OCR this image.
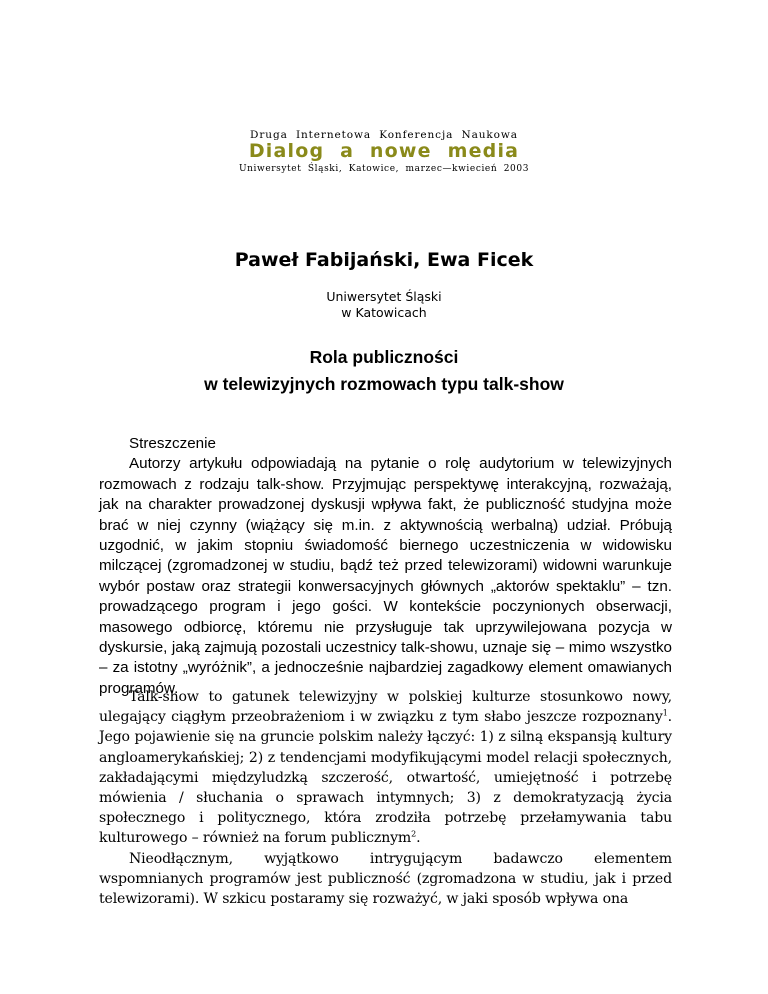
Druga Internetowa Konferencja Naukowa
Dialog a nowe media
Uniwersytet Śląski, Katowice, marzec—kwiecień 2003
Paweł Fabijański, Ewa Ficek
Uniwersytet Śląski
w Katowicach
Rola publiczności
w telewizyjnych rozmowach typu talk-show

Streszczenie

Autorzy artykułu odpowiadają na pytanie o rolę audytorium w telewizyjnych rozmowach z rodzaju talk-show. Przyjmując perspektywę interakcyjną, rozważają, jak na charakter prowadzonej dyskusji wpływa fakt, że publiczność studyjna może brać w niej czynny (wiążący się m.in. z aktywnością werbalną) udział. Próbują uzgodnić, w jakim stopniu świadomość biernego uczestniczenia w widowisku milczącej (zgromadzonej w studiu, bądź też przed telewizorami) widowni warunkuje wybór postaw oraz strategii konwersacyjnych głównych „aktorów spektaklu” – tzn. prowadzącego program i jego gości. W kontekście poczynionych obserwacji, masowego odbiorcę, któremu nie przysługuje tak uprzywilejowana pozycja w dyskursie, jaką zajmują pozostali uczestnicy talk-showu, uznaje się – mimo wszystko – za istotny „wyróżnik”, a jednocześnie najbardziej zagadkowy element omawianych programów.

Talk-show to gatunek telewizyjny w polskiej kulturze stosunkowo nowy, ulegający ciągłym przeobrażeniom i w związku z tym słabo jeszcze rozpoznany$^1$. Jego pojawienie się na gruncie polskim należy łączyć: 1) z silną ekspansją kultury angloamerykańskiej; 2) z tendencjami modyfikującymi model relacji społecznych, zakładającymi międzyludzką szczerość, otwartość, umiejętność i potrzebę mówienia / słuchania o sprawach intymnych; 3) z demokratyzacją życia społecznego i politycznego, która zrodziła potrzebę przełamywania tabu kulturowego – również na forum publicznym$^2$.

Nieodłącznym, wyjątkowo intrygującym badawczo elementem wspomnianych programów jest publiczność (zgromadzona w studiu, jak i przed telewizorami). W szkicu postaramy się rozważyć, w jaki sposób wpływa ona
